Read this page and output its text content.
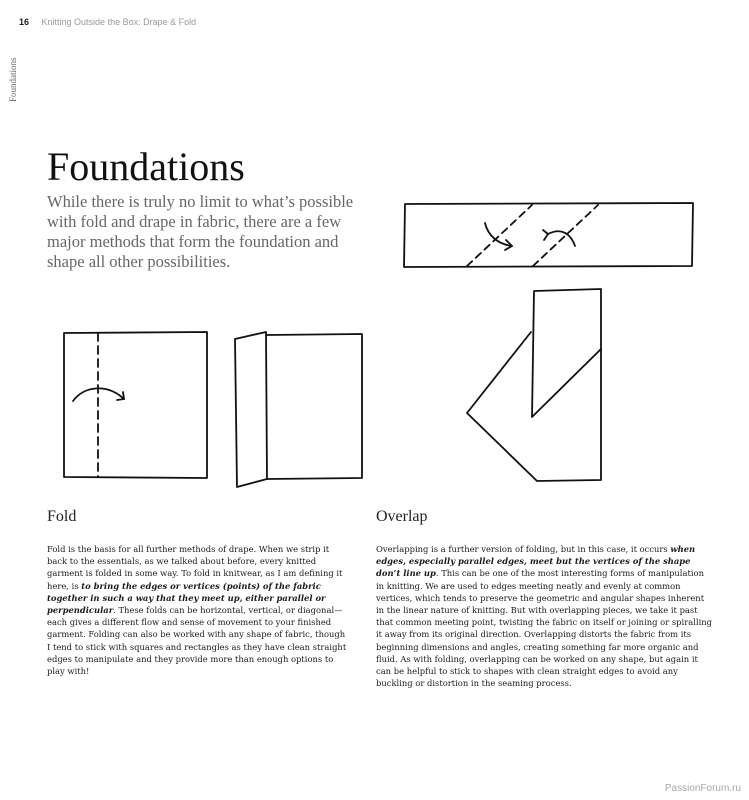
16 Knitting Outside the Box: Drape & Fold
Foundations
Foundations
While there is truly no limit to what’s possible with fold and drape in fabric, there are a few major methods that form the foundation and shape all other possibilities.
Fold
Fold is the basis for all further methods of drape. When we strip it back to the essentials, as we talked about before, every knitted garment is folded in some way. To fold in knitwear, as I am defining it here, is to bring the edges or vertices (points) of the fabric together in such a way that they meet up, either parallel or perpendicular. These folds can be horizontal, vertical, or diagonal—each gives a different flow and sense of movement to your finished garment. Folding can also be worked with any shape of fabric, though I tend to stick with squares and rectangles as they have clean straight edges to manipulate and they provide more than enough options to play with!
Overlap
Overlapping is a further version of folding, but in this case, it occurs when edges, especially parallel edges, meet but the vertices of the shape don’t line up. This can be one of the most interesting forms of manipulation in knitting. We are used to edges meeting neatly and evenly at common vertices, which tends to preserve the geometric and angular shapes inherent in the linear nature of knitting. But with overlapping pieces, we take it past that common meeting point, twisting the fabric on itself or joining or spiralling it away from its original direction. Overlapping distorts the fabric from its beginning dimensions and angles, creating something far more organic and fluid. As with folding, overlapping can be worked on any shape, but again it can be helpful to stick to shapes with clean straight edges to avoid any buckling or distortion in the seaming process.
PassionForum.ru
